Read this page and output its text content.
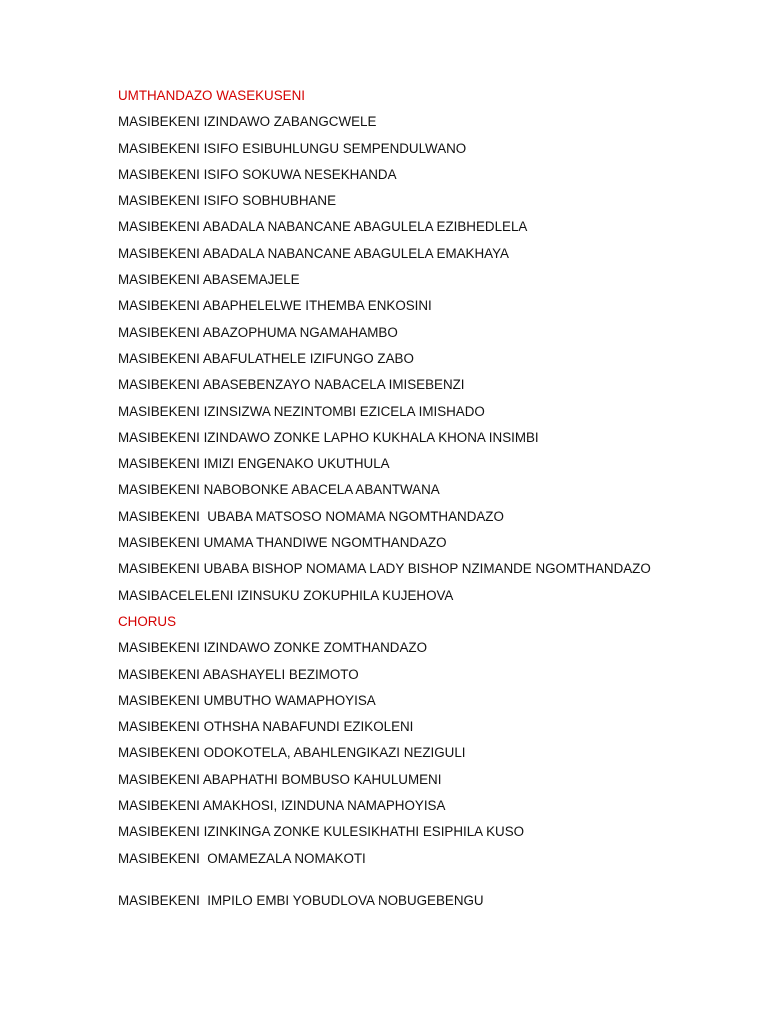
UMTHANDAZO WASEKUSENI

MASIBEKENI IZINDAWO ZABANGCWELE

MASIBEKENI ISIFO ESIBUHLUNGU SEMPENDULWANO

MASIBEKENI ISIFO SOKUWA NESEKHANDA

MASIBEKENI ISIFO SOBHUBHANE

MASIBEKENI ABADALA NABANCANE ABAGULELA EZIBHEDLELA

MASIBEKENI ABADALA NABANCANE ABAGULELA EMAKHAYA

MASIBEKENI ABASEMAJELE

MASIBEKENI ABAPHELELWE ITHEMBA ENKOSINI

MASIBEKENI ABAZOPHUMA NGAMAHAMBO

MASIBEKENI ABAFULATHELE IZIFUNGO ZABO

MASIBEKENI ABASEBENZAYO NABACELA IMISEBENZI

MASIBEKENI IZINSIZWA NEZINTOMBI EZICELA IMISHADO

MASIBEKENI IZINDAWO ZONKE LAPHO KUKHALA KHONA INSIMBI

MASIBEKENI IMIZI ENGENAKO UKUTHULA

MASIBEKENI NABOBONKE ABACELA ABANTWANA

MASIBEKENI  UBABA MATSOSO NOMAMA NGOMTHANDAZO

MASIBEKENI UMAMA THANDIWE NGOMTHANDAZO

MASIBEKENI UBABA BISHOP NOMAMA LADY BISHOP NZIMANDE NGOMTHANDAZO

MASIBACELELENI IZINSUKU ZOKUPHILA KUJEHOVA

CHORUS

MASIBEKENI IZINDAWO ZONKE ZOMTHANDAZO

MASIBEKENI ABASHAYELI BEZIMOTO

MASIBEKENI UMBUTHO WAMAPHOYISA

MASIBEKENI OTHSHA NABAFUNDI EZIKOLENI

MASIBEKENI ODOKOTELA, ABAHLENGIKAZI NEZIGULI

MASIBEKENI ABAPHATHI BOMBUSO KAHULUMENI

MASIBEKENI AMAKHOSI, IZINDUNA NAMAPHOYISA

MASIBEKENI IZINKINGA ZONKE KULESIKHATHI ESIPHILA KUSO

MASIBEKENI  OMAMEZALA NOMAKOTI

MASIBEKENI  IMPILO EMBI YOBUDLOVA NOBUGEBENGU
